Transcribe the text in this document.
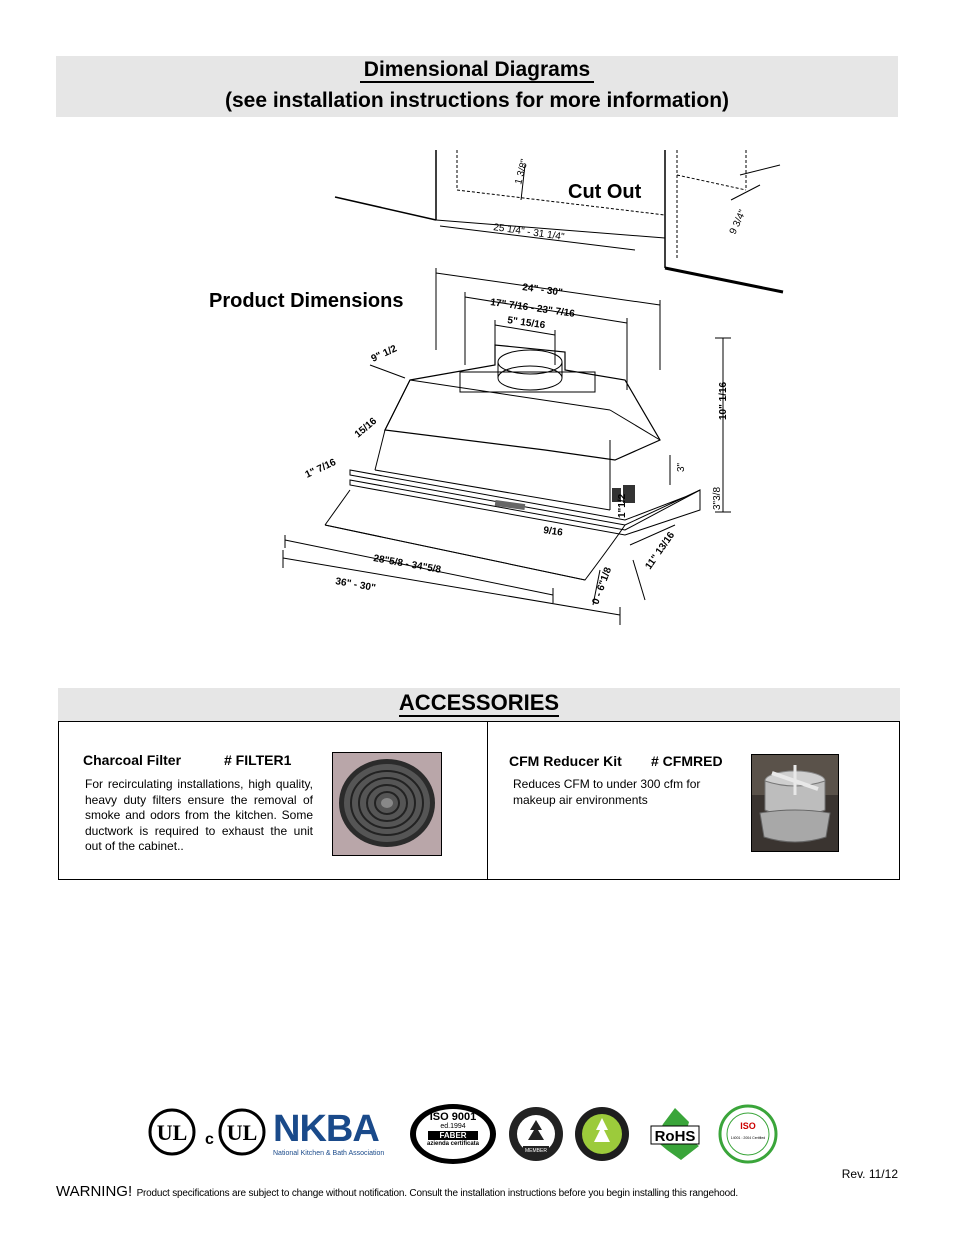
Dimensional Diagrams
(see installation instructions for more information)
Cut Out
Product Dimensions
1 3/8"
25 1/4" - 31 1/4"	9 3/4"
24" - 30"
17" 7/16 - 23" 7/16
5" 15/16
9" 1/2
10" 1/16
15/16
1" 7/16	3"
3"3/8
1"1/2
9/16
28"5/8 - 34"5/8
36" - 30"	0 - 6"1/8
11" 13/16
ACCESSORIES
Charcoal Filter	# FILTER1
For recirculating installations, high quality, heavy duty filters ensure the removal of smoke and odors from the kitchen. Some ductwork is required to exhaust the unit out of the cabinet..
CFM Reducer Kit # CFMRED
Reduces CFM to under 300 cfm for makeup air environments
UL c UL NKBA
National Kitchen & Bath Association
ISO 9001
ed.1994
FABER
azienda certificata
MEMBER
RoHS
ISO
14001 : 2004 Certified
Rev. 11/12
WARNING! Product specifications are subject to change without notification. Consult the installation instructions before you begin installing this rangehood.
